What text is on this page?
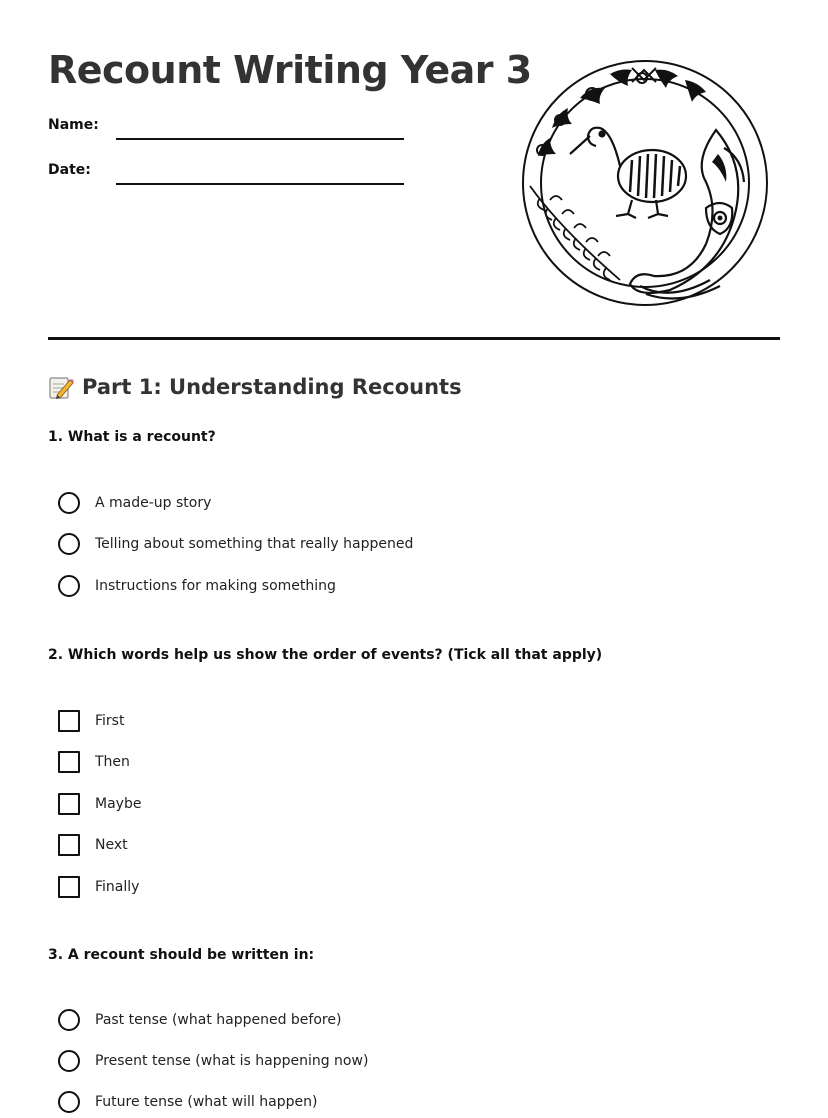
Recount Writing Year 3
Name:
Date:
Part 1: Understanding Recounts
1. What is a recount?
A made-up story
Telling about something that really happened
Instructions for making something
2. Which words help us show the order of events? (Tick all that apply)
First
Then
Maybe
Next
Finally
3. A recount should be written in:
Past tense (what happened before)
Present tense (what is happening now)
Future tense (what will happen)
